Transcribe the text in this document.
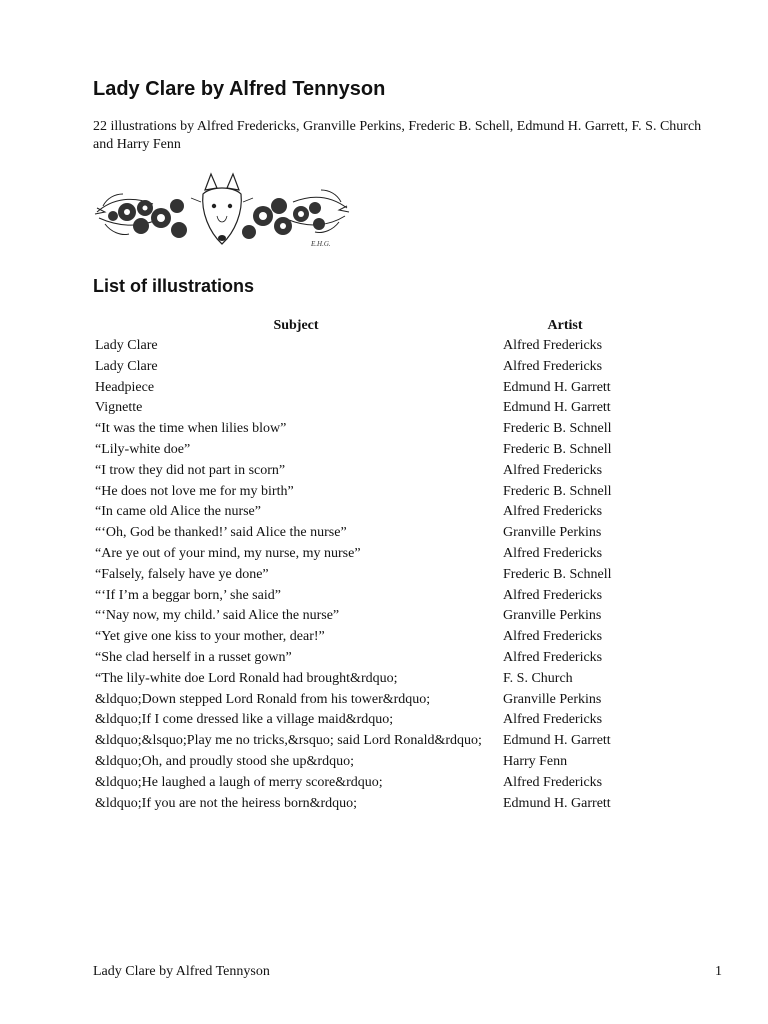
Lady Clare by Alfred Tennyson

22 illustrations by Alfred Fredericks, Granville Perkins, Frederic B. Schell, Edmund H. Garrett, F. S. Church and Harry Fenn

E.H.G.
List of illustrations
Subject	Artist
Lady Clare	Alfred Fredericks
Lady Clare	Alfred Fredericks
Headpiece	Edmund H. Garrett
Vignette	Edmund H. Garrett
“It was the time when lilies blow”	Frederic B. Schnell
“Lily-white doe”	Frederic B. Schnell
“I trow they did not part in scorn”	Alfred Fredericks
“He does not love me for my birth”	Frederic B. Schnell
“In came old Alice the nurse”	Alfred Fredericks
“‘Oh, God be thanked!’ said Alice the nurse”	Granville Perkins
“Are ye out of your mind, my nurse, my nurse”	Alfred Fredericks
“Falsely, falsely have ye done”	Frederic B. Schnell
“‘If I’m a beggar born,’ she said”	Alfred Fredericks
“‘Nay now, my child.’ said Alice the nurse”	Granville Perkins
“Yet give one kiss to your mother, dear!”	Alfred Fredericks
“She clad herself in a russet gown”	Alfred Fredericks
“The lily-white doe Lord Ronald had brought&rdquo;	F. S. Church
&ldquo;Down stepped Lord Ronald from his tower&rdquo;	Granville Perkins
&ldquo;If I come dressed like a village maid&rdquo;	Alfred Fredericks
&ldquo;&lsquo;Play me no tricks,&rsquo; said Lord Ronald&rdquo;	Edmund H. Garrett
&ldquo;Oh, and proudly stood she up&rdquo;	Harry Fenn
&ldquo;He laughed a laugh of merry score&rdquo;	Alfred Fredericks
&ldquo;If you are not the heiress born&rdquo;	Edmund H. Garrett
Lady Clare by Alfred Tennyson	1
